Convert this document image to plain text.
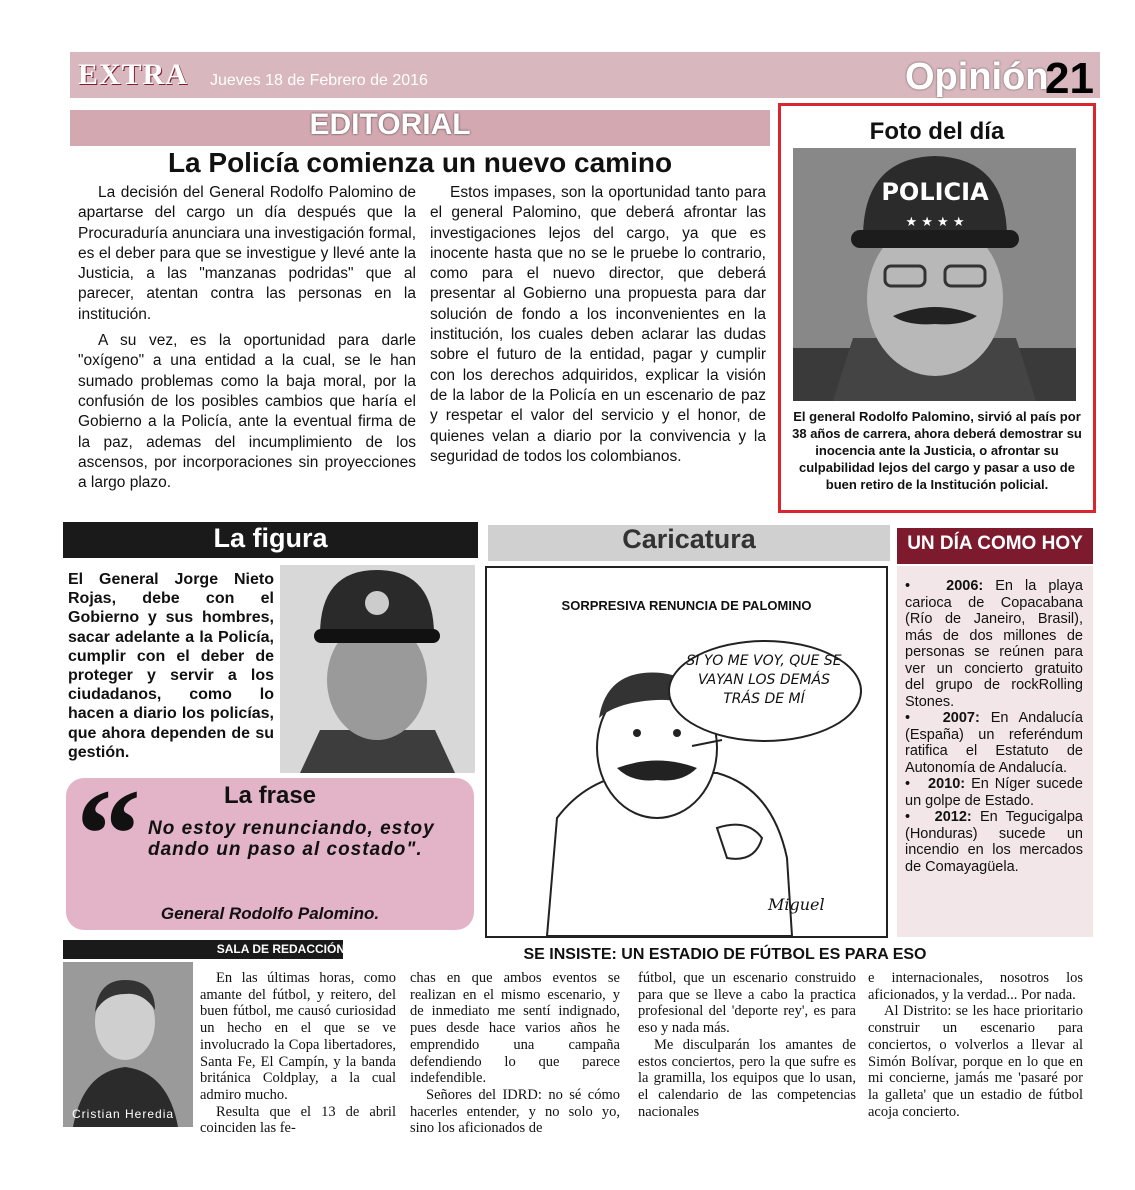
EXTRA Jueves 18 de Febrero de 2016	Opinión
21
EDITORIAL
La Policía comienza un nuevo camino

La decisión del General Rodolfo Palomino de apartarse del cargo un día después que la Procuraduría anunciara una investigación formal, es el deber para que se investigue y llevé ante la Justicia, a las "manzanas podridas" que al parecer, atentan contra las personas en la institución.

A su vez, es la oportunidad para darle "oxígeno" a una entidad a la cual, se le han sumado problemas como la baja moral, por la confusión de los posibles cambios que haría el Gobierno a la Policía, ante la eventual firma de la paz, ademas del incumplimiento de los ascensos, por incorporaciones sin proyecciones a largo plazo.

Estos impases, son la oportunidad tanto para el general Palomino, que deberá afrontar las investigaciones lejos del cargo, ya que es inocente hasta que no se le pruebe lo contrario, como para el nuevo director, que deberá presentar al Gobierno una propuesta para dar solución de fondo a los inconvenientes en la institución, los cuales deben aclarar las dudas sobre el futuro de la entidad, pagar y cumplir con los derechos adquiridos, explicar la visión de la labor de la Policía en un escenario de paz y respetar el valor del servicio y el honor, de quienes velan a diario por la convivencia y la seguridad de todos los colombianos.

Foto del día
POLICIA
★ ★ ★ ★
El general Rodolfo Palomino, sirvió al país por 38 años de carrera, ahora deberá demostrar su inocencia ante la Justicia, o afrontar su culpabilidad lejos del cargo y pasar a uso de buen retiro de la Institución policial.
La figura
El General Jorge Nieto Rojas, debe con el Gobierno y sus hombres, sacar adelante a la Policía, cumplir con el deber de proteger y servir a los ciudadanos, como lo hacen a diario los policías, que ahora dependen de su gestión.
La frase
“ No estoy renunciando, estoy dando un paso al costado".
General Rodolfo Palomino.
Caricatura
SORPRESIVA RENUNCIA DE PALOMINO
SI YO ME VOY, QUE SE VAYAN LOS DEMÁS TRÁS DE MÍ
Miguel
UN DÍA COMO HOY

•   2006: En la playa carioca de Copacabana (Río de Janeiro, Brasil), más de dos millones de personas se reúnen para ver un concierto gratuito del grupo de rockRolling Stones.

•   2007: En Andalucía (España) un referéndum ratifica el Estatuto de Autonomía de Andalucía.

•   2010: En Níger sucede un golpe de Estado.

•   2012: En Tegucigalpa (Honduras) sucede un incendio en los mercados de Comayagüela.

SALA DE REDACCIÓN	SE INSISTE: UN ESTADIO DE FÚTBOL ES PARA ESO
Cristian Heredia

En las últimas horas, como amante del fútbol, y reitero, del buen fútbol, me causó curiosidad un hecho en el que se ve involucrado la Copa libertadores, Santa Fe, El Campín, y la banda británica Coldplay, a la cual admiro mucho.

Resulta que el 13 de abril coinciden las fe-

chas en que ambos eventos se realizan en el mismo escenario, y de inmediato me sentí indignado, pues desde hace varios años he emprendido una campaña defendiendo lo que parece indefendible.

Señores del IDRD: no sé cómo hacerles entender, y no solo yo, sino los aficionados de

fútbol, que un escenario construido para que se lleve a cabo la practica profesional del 'deporte rey', es para eso y nada más.

Me disculparán los amantes de estos conciertos, pero la que sufre es la gramilla, los equipos que lo usan, el calendario de las competencias nacionales

e internacionales, nosotros los aficionados, y la verdad... Por nada.

Al Distrito: se les hace prioritario construir un escenario para conciertos, o volverlos a llevar al Simón Bolívar, porque en lo que en mi concierne, jamás me 'pasaré por la galleta' que un estadio de fútbol acoja concierto.
